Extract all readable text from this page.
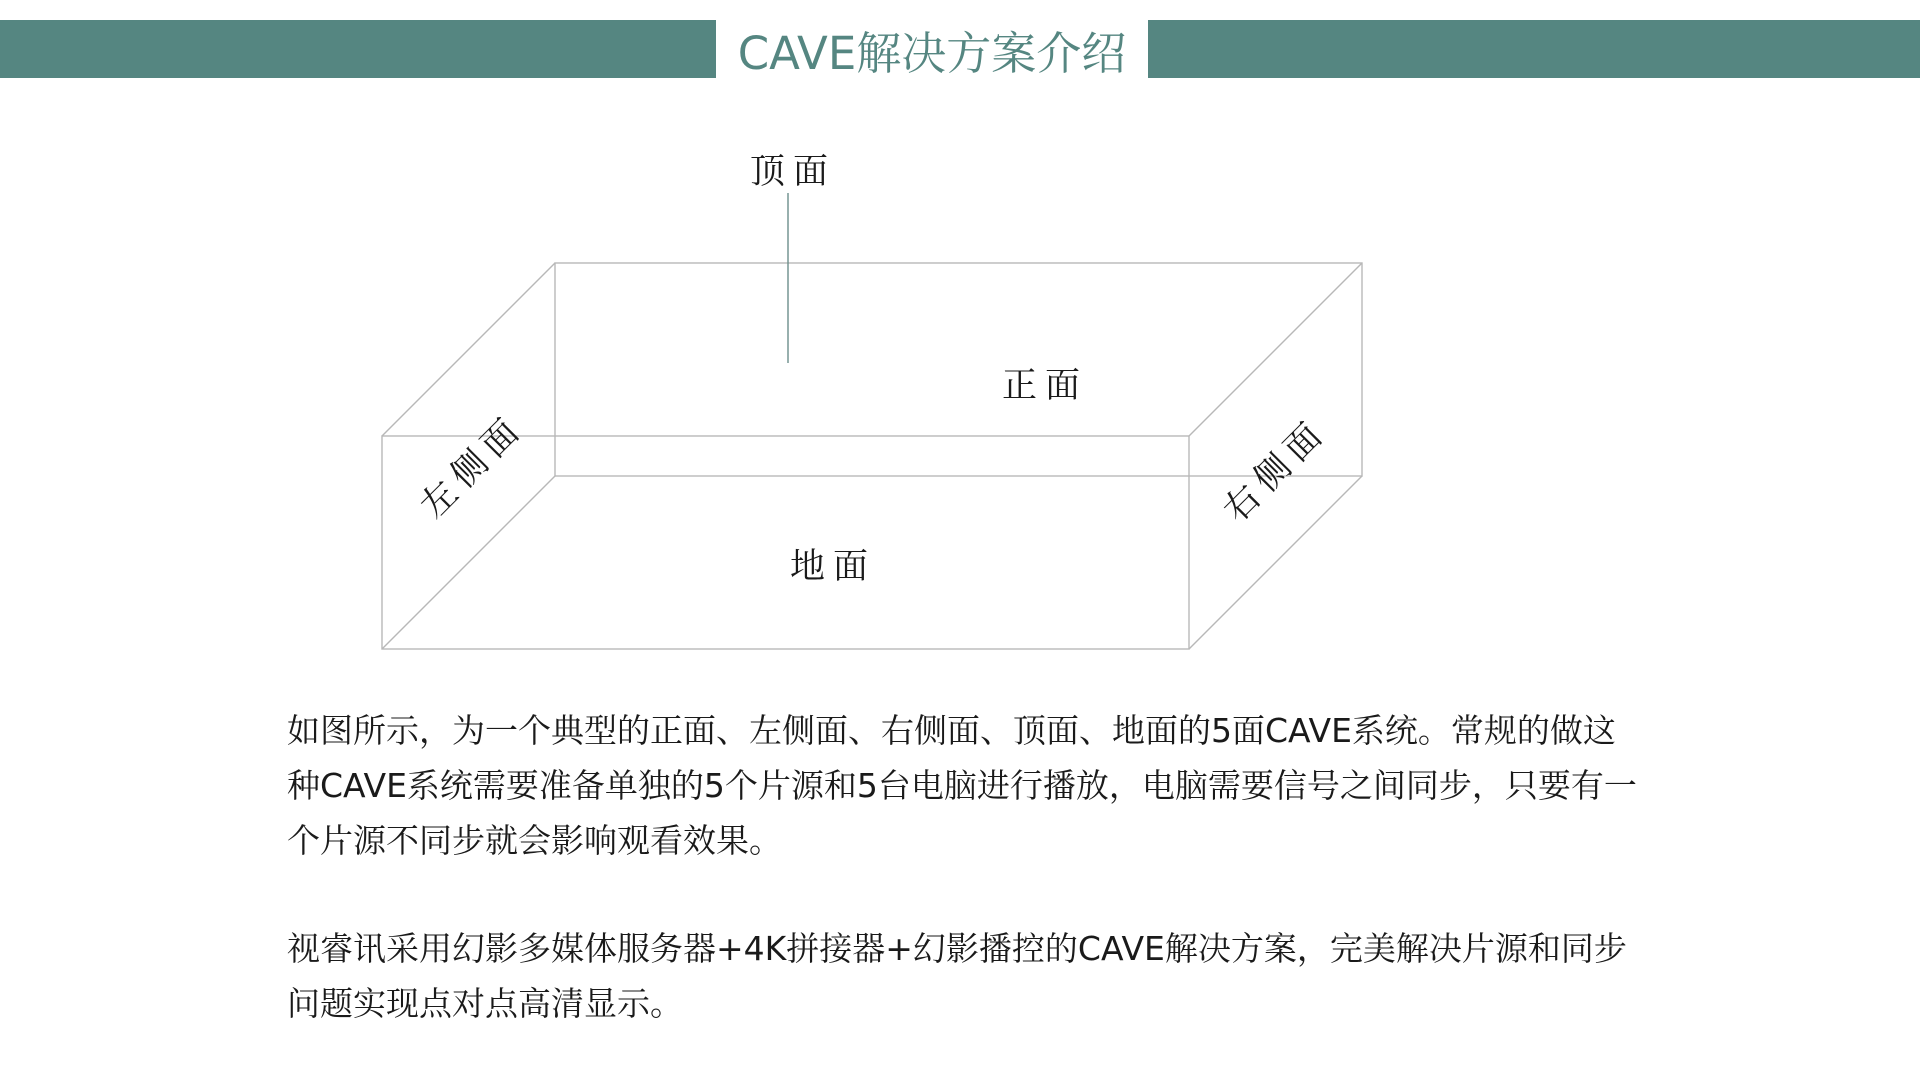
CAVE解决方案介绍
顶面
正面
地面
左侧面	右侧面

如图所示，为一个典型的正面、左侧面、右侧面、顶面、地面的5面CAVE系统。常规的做这种CAVE系统需要准备单独的5个片源和5台电脑进行播放，电脑需要信号之间同步，只要有一个片源不同步就会影响观看效果。

视睿讯采用幻影多媒体服务器+4K拼接器+幻影播控的CAVE解决方案，完美解决片源和同步问题实现点对点高清显示。
